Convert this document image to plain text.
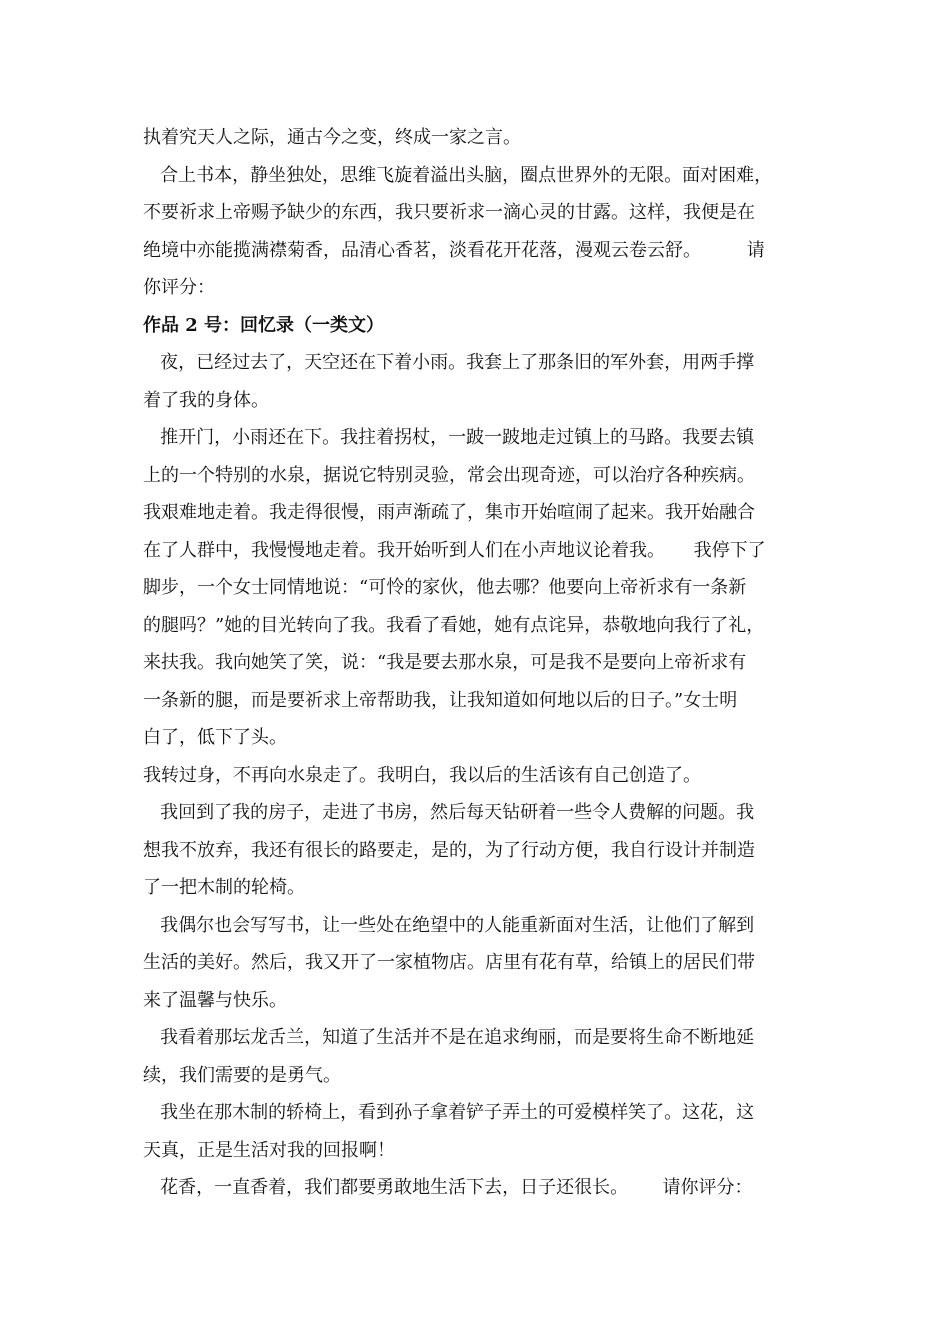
执着究天人之际，通古今之变，终成一家之言。
合上书本，静坐独处，思维飞旋着溢出头脑，圈点世界外的无限。面对困难，
不要祈求上帝赐予缺少的东西，我只要祈求一滴心灵的甘露。这样，我便是在
绝境中亦能揽满襟菊香，品清心香茗，淡看花开花落，漫观云卷云舒。        请
你评分：
作品 2 号：回忆录（一类文）
夜，已经过去了，天空还在下着小雨。我套上了那条旧的军外套，用两手撑
着了我的身体。
推开门，小雨还在下。我拄着拐杖，一跛一跛地走过镇上的马路。我要去镇
上的一个特别的水泉，据说它特别灵验，常会出现奇迹，可以治疗各种疾病。
我艰难地走着。我走得很慢，雨声渐疏了，集市开始喧闹了起来。我开始融合
在了人群中，我慢慢地走着。我开始听到人们在小声地议论着我。     我停下了
脚步，一个女士同情地说：“可怜的家伙，他去哪？他要向上帝祈求有一条新
的腿吗？”她的目光转向了我。我看了看她，她有点诧异，恭敬地向我行了礼，
来扶我。我向她笑了笑，说：“我是要去那水泉，可是我不是要向上帝祈求有
一条新的腿，而是要祈求上帝帮助我，让我知道如何地以后的日子。”女士明
白了，低下了头。
我转过身，不再向水泉走了。我明白，我以后的生活该有自己创造了。
我回到了我的房子，走进了书房，然后每天钻研着一些令人费解的问题。我
想我不放弃，我还有很长的路要走，是的，为了行动方便，我自行设计并制造
了一把木制的轮椅。
我偶尔也会写写书，让一些处在绝望中的人能重新面对生活，让他们了解到
生活的美好。然后，我又开了一家植物店。店里有花有草，给镇上的居民们带
来了温馨与快乐。
我看着那坛龙舌兰，知道了生活并不是在追求绚丽，而是要将生命不断地延
续，我们需要的是勇气。
我坐在那木制的轿椅上，看到孙子拿着铲子弄土的可爱模样笑了。这花，这
天真，正是生活对我的回报啊！
花香，一直香着，我们都要勇敢地生活下去，日子还很长。      请你评分：
